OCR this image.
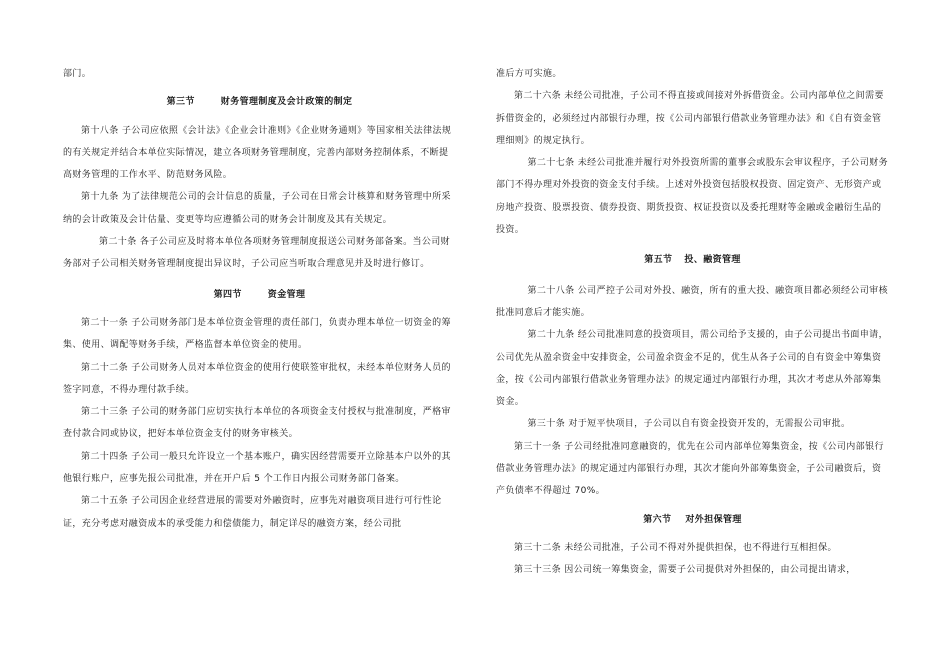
部门。

第三节	财务管理制度及会计政策的制定

第十八条 子公司应依照《会计法》《企业会计准则》《企业财务通则》等国家相关法律法规的有关规定并结合本单位实际情况，建立各项财务管理制度，完善内部财务控制体系，不断提高财务管理的工作水平、防范财务风险。

第十九条 为了法律规范公司的会计信息的质量，子公司在日常会计核算和财务管理中所采纳的会计政策及会计估量、变更等均应遵循公司的财务会计制度及其有关规定。

第二十条 各子公司应及时将本单位各项财务管理制度报送公司财务部备案。当公司财务部对子公司相关财务管理制度提出异议时，子公司应当听取合理意见并及时进行修订。

第四节	资金管理

第二十一条 子公司财务部门是本单位资金管理的责任部门，负责办理本单位一切资金的筹集、使用、调配等财务手续，严格监督本单位资金的使用。

第二十二条 子公司财务人员对本单位资金的使用行使联签审批权，未经本单位财务人员的签字同意，不得办理付款手续。

第二十三条 子公司的财务部门应切实执行本单位的各项资金支付授权与批准制度，严格审查付款合同或协议，把好本单位资金支付的财务审核关。

第二十四条 子公司一般只允许设立一个基本账户，确实因经营需要开立除基本户以外的其他银行账户，应事先报公司批准，并在开户后 5 个工作日内报公司财务部门备案。

第二十五条 子公司因企业经营进展的需要对外融资时，应事先对融资项目进行可行性论证，充分考虑对融资成本的承受能力和偿债能力，制定详尽的融资方案，经公司批

准后方可实施。

第二十六条 未经公司批准，子公司不得直接或间接对外拆借资金。公司内部单位之间需要拆借资金的，必须经过内部银行办理，按《公司内部银行借款业务管理办法》和《自有资金管理细则》的规定执行。

第二十七条 未经公司批准并履行对外投资所需的董事会或股东会审议程序，子公司财务部门不得办理对外投资的资金支付手续。上述对外投资包括股权投资、固定资产、无形资产或房地产投资、股票投资、债券投资、期货投资、权证投资以及委托理财等金融或金融衍生品的投资。

第五节 投、融资管理

第二十八条 公司严控子公司对外投、融资，所有的重大投、融资项目都必须经公司审核批准同意后才能实施。

第二十九条 经公司批准同意的投资项目，需公司给予支援的，由子公司提出书面申请，公司优先从盈余资金中安排资金，公司盈余资金不足的，优生从各子公司的自有资金中筹集资金，按《公司内部银行借款业务管理办法》的规定通过内部银行办理，其次才考虑从外部筹集资金。

第三十条 对于短平快项目，子公司以自有资金投资开发的，无需报公司审批。

第三十一条 子公司经批准同意融资的，优先在公司内部单位筹集资金，按《公司内部银行借款业务管理办法》的规定通过内部银行办理，其次才能向外部筹集资金，子公司融资后，资产负债率不得超过 70%。

第六节 对外担保管理

第三十二条 未经公司批准，子公司不得对外提供担保，也不得进行互相担保。

第三十三条 因公司统一筹集资金，需要子公司提供对外担保的，由公司提出请求，
